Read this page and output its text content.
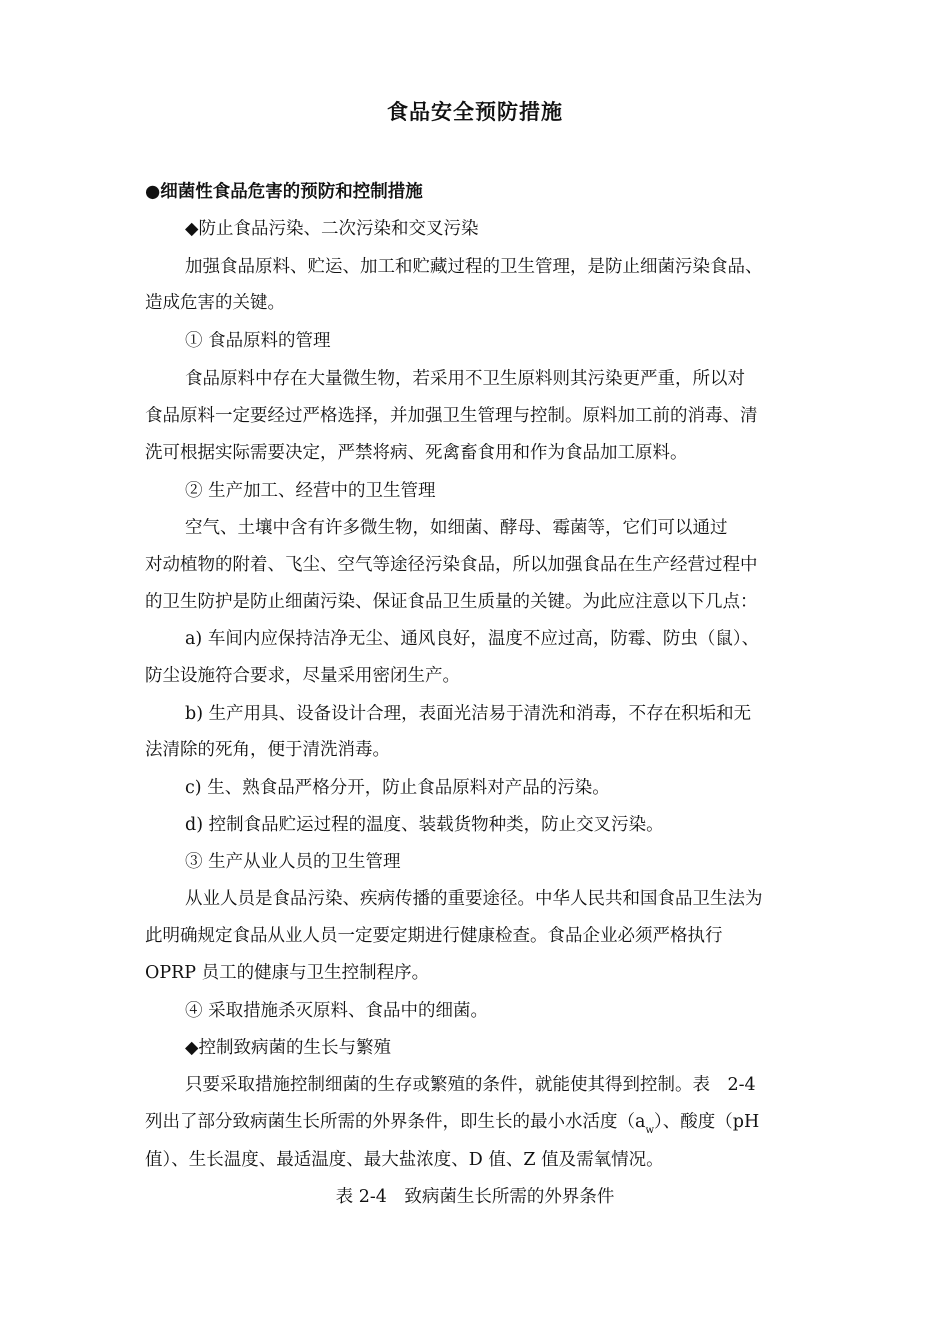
食品安全预防措施
●细菌性食品危害的预防和控制措施
◆防止食品污染、二次污染和交叉污染
加强食品原料、贮运、加工和贮藏过程的卫生管理，是防止细菌污染食品、
造成危害的关键。
① 食品原料的管理
食品原料中存在大量微生物，若采用不卫生原料则其污染更严重，所以对
食品原料一定要经过严格选择，并加强卫生管理与控制。原料加工前的消毒、清
洗可根据实际需要决定，严禁将病、死禽畜食用和作为食品加工原料。
② 生产加工、经营中的卫生管理
空气、土壤中含有许多微生物，如细菌、酵母、霉菌等，它们可以通过
对动植物的附着、飞尘、空气等途径污染食品，所以加强食品在生产经营过程中
的卫生防护是防止细菌污染、保证食品卫生质量的关键。为此应注意以下几点：
a) 车间内应保持洁净无尘、通风良好，温度不应过高，防霉、防虫（鼠）、
防尘设施符合要求，尽量采用密闭生产。
b) 生产用具、设备设计合理，表面光洁易于清洗和消毒，不存在积垢和无
法清除的死角，便于清洗消毒。
c) 生、熟食品严格分开，防止食品原料对产品的污染。
d) 控制食品贮运过程的温度、装载货物种类，防止交叉污染。
③ 生产从业人员的卫生管理
从业人员是食品污染、疾病传播的重要途径。中华人民共和国食品卫生法为
此明确规定食品从业人员一定要定期进行健康检查。食品企业必须严格执行
OPRP 员工的健康与卫生控制程序。
④ 采取措施杀灭原料、食品中的细菌。
◆控制致病菌的生长与繁殖
只要采取措施控制细菌的生存或繁殖的条件，就能使其得到控制。表　2-4
列出了部分致病菌生长所需的外界条件，即生长的最小水活度$(a_w)$、酸度（pH
值）、生长温度、最适温度、最大盐浓度、D 值、Z 值及需氧情况。
表 2-4　致病菌生长所需的外界条件
